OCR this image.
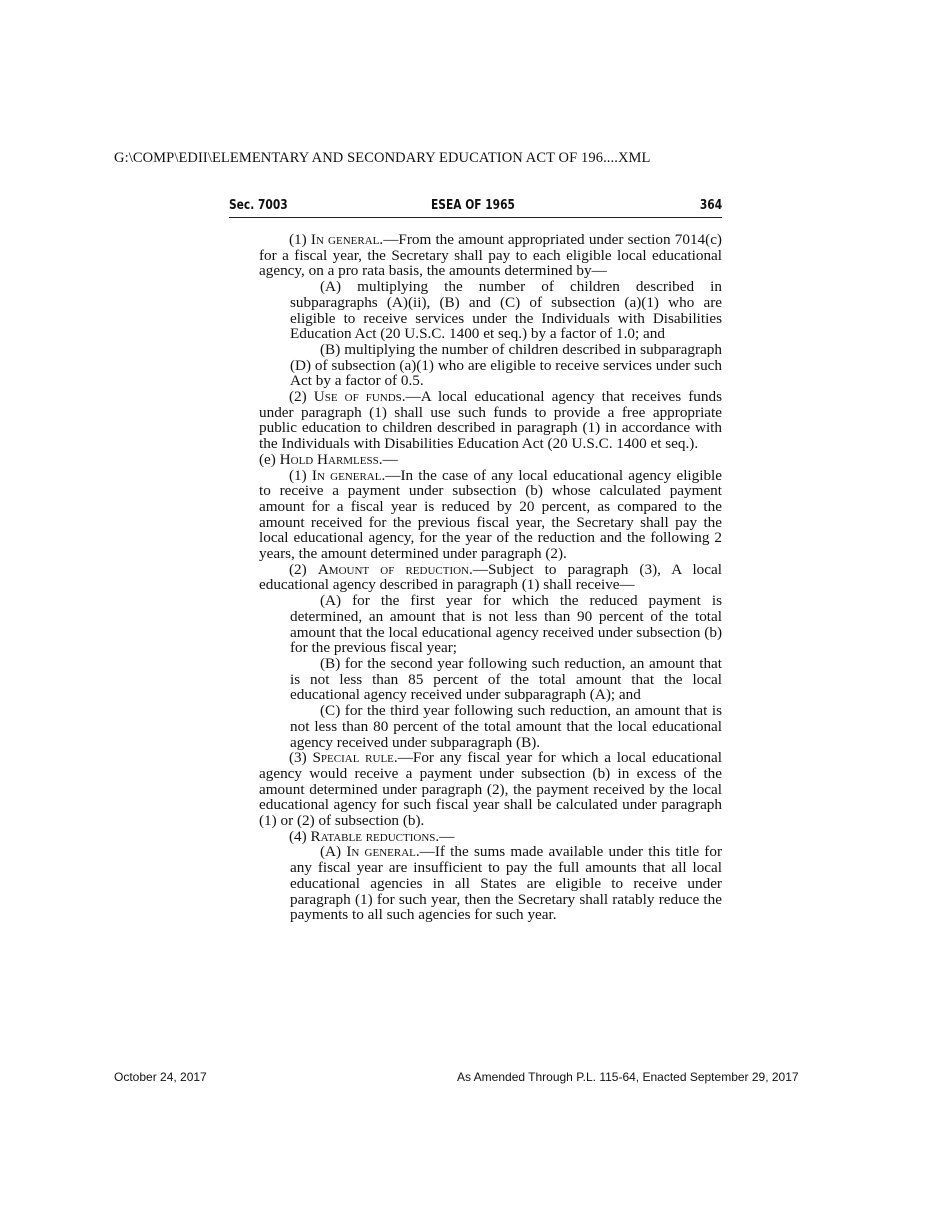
G:\COMP\EDII\ELEMENTARY AND SECONDARY EDUCATION ACT OF 196....XML
Sec. 7003	ESEA OF 1965	364

(1) In general.—From the amount appropriated under section 7014(c) for a fiscal year, the Secretary shall pay to each eligible local educational agency, on a pro rata basis, the amounts determined by—

(A) multiplying the number of children described in subparagraphs (A)(ii), (B) and (C) of subsection (a)(1) who are eligible to receive services under the Individuals with Disabilities Education Act (20 U.S.C. 1400 et seq.) by a factor of 1.0; and

(B) multiplying the number of children described in subparagraph (D) of subsection (a)(1) who are eligible to receive services under such Act by a factor of 0.5.

(2) Use of funds.—A local educational agency that receives funds under paragraph (1) shall use such funds to provide a free appropriate public education to children described in paragraph (1) in accordance with the Individuals with Disabilities Education Act (20 U.S.C. 1400 et seq.).

(e) Hold Harmless.—

(1) In general.—In the case of any local educational agency eligible to receive a payment under subsection (b) whose calculated payment amount for a fiscal year is reduced by 20 percent, as compared to the amount received for the previous fiscal year, the Secretary shall pay the local educational agency, for the year of the reduction and the following 2 years, the amount determined under paragraph (2).

(2) Amount of reduction.—Subject to paragraph (3), A local educational agency described in paragraph (1) shall receive—

(A) for the first year for which the reduced payment is determined, an amount that is not less than 90 percent of the total amount that the local educational agency received under subsection (b) for the previous fiscal year;

(B) for the second year following such reduction, an amount that is not less than 85 percent of the total amount that the local educational agency received under subparagraph (A); and

(C) for the third year following such reduction, an amount that is not less than 80 percent of the total amount that the local educational agency received under subparagraph (B).

(3) Special rule.—For any fiscal year for which a local educational agency would receive a payment under subsection (b) in excess of the amount determined under paragraph (2), the payment received by the local educational agency for such fiscal year shall be calculated under paragraph (1) or (2) of subsection (b).

(4) Ratable reductions.—

(A) In general.—If the sums made available under this title for any fiscal year are insufficient to pay the full amounts that all local educational agencies in all States are eligible to receive under paragraph (1) for such year, then the Secretary shall ratably reduce the payments to all such agencies for such year.

October 24, 2017	As Amended Through P.L. 115-64, Enacted September 29, 2017
